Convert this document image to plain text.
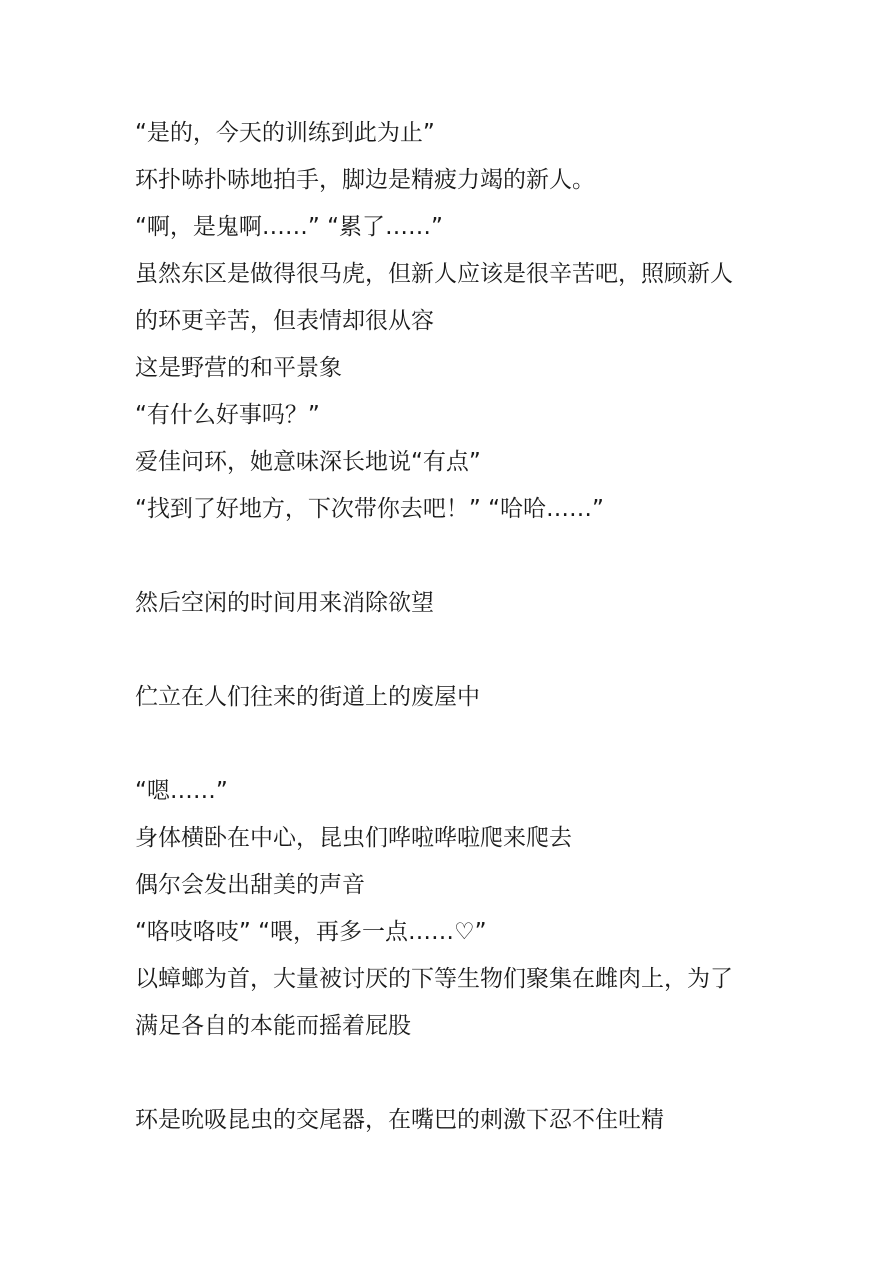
“是的，今天的训练到此为止”
环扑哧扑哧地拍手，脚边是精疲力竭的新人。
“啊，是鬼啊……” “累了……”
虽然东区是做得很马虎，但新人应该是很辛苦吧，照顾新人
的环更辛苦，但表情却很从容
这是野营的和平景象
“有什么好事吗？”
爱佳问环，她意味深长地说“有点”
“找到了好地方，下次带你去吧！” “哈哈……”
然后空闲的时间用来消除欲望
伫立在人们往来的街道上的废屋中
“嗯……”
身体横卧在中心，昆虫们哗啦哗啦爬来爬去
偶尔会发出甜美的声音
“咯吱咯吱” “喂，再多一点……♡”
以蟑螂为首，大量被讨厌的下等生物们聚集在雌肉上，为了
满足各自的本能而摇着屁股
环是吮吸昆虫的交尾器，在嘴巴的刺激下忍不住吐精
